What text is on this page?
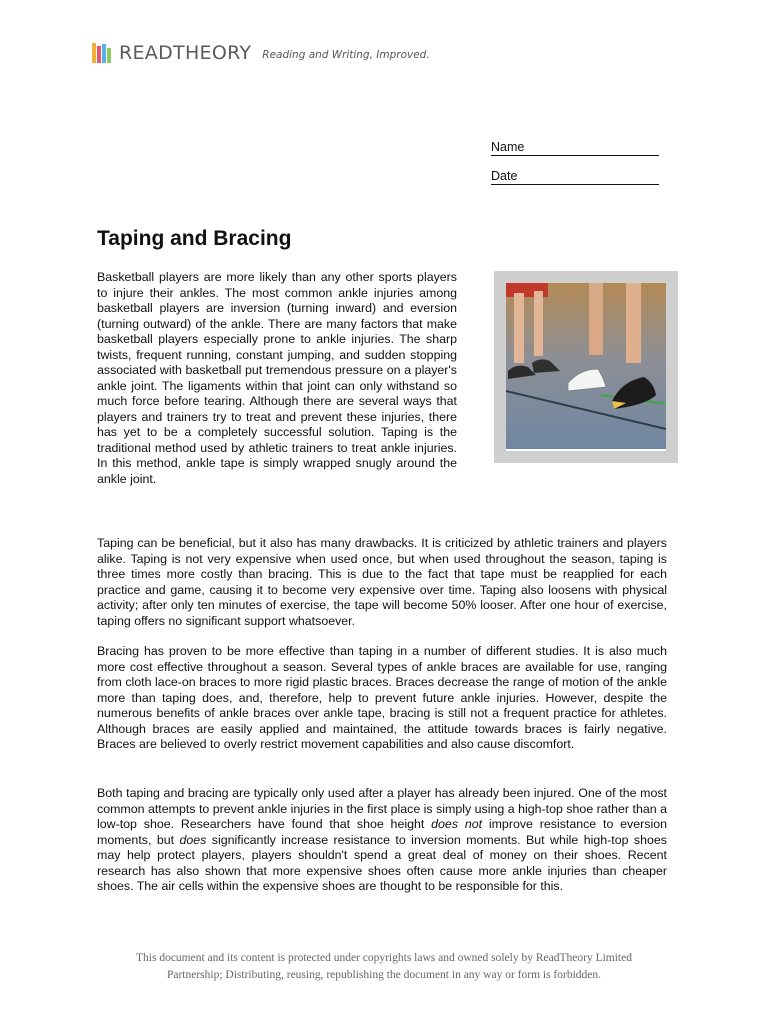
READTHEORY Reading and Writing, Improved.
Name
Date
Taping and Bracing

Basketball players are more likely than any other sports players to injure their ankles. The most common ankle injuries among basketball players are inversion (turning inward) and eversion (turning outward) of the ankle. There are many factors that make basketball players especially prone to ankle injuries. The sharp twists, frequent running, constant jumping, and sudden stopping associated with basketball put tremendous pressure on a player's ankle joint. The ligaments within that joint can only withstand so much force before tearing. Although there are several ways that players and trainers try to treat and prevent these injuries, there has yet to be a completely successful solution. Taping is the traditional method used by athletic trainers to treat ankle injuries. In this method, ankle tape is simply wrapped snugly around the ankle joint.

Taping can be beneficial, but it also has many drawbacks. It is criticized by athletic trainers and players alike. Taping is not very expensive when used once, but when used throughout the season, taping is three times more costly than bracing. This is due to the fact that tape must be reapplied for each practice and game, causing it to become very expensive over time. Taping also loosens with physical activity; after only ten minutes of exercise, the tape will become 50% looser. After one hour of exercise, taping offers no significant support whatsoever.

Bracing has proven to be more effective than taping in a number of different studies. It is also much more cost effective throughout a season. Several types of ankle braces are available for use, ranging from cloth lace-on braces to more rigid plastic braces. Braces decrease the range of motion of the ankle more than taping does, and, therefore, help to prevent future ankle injuries. However, despite the numerous benefits of ankle braces over ankle tape, bracing is still not a frequent practice for athletes. Although braces are easily applied and maintained, the attitude towards braces is fairly negative. Braces are believed to overly restrict movement capabilities and also cause discomfort.

Both taping and bracing are typically only used after a player has already been injured. One of the most common attempts to prevent ankle injuries in the first place is simply using a high-top shoe rather than a low-top shoe. Researchers have found that shoe height does not improve resistance to eversion moments, but does significantly increase resistance to inversion moments. But while high-top shoes may help protect players, players shouldn't spend a great deal of money on their shoes. Recent research has also shown that more expensive shoes often cause more ankle injuries than cheaper shoes. The air cells within the expensive shoes are thought to be responsible for this.

This document and its content is protected under copyrights laws and owned solely by ReadTheory Limited
Partnership; Distributing, reusing, republishing the document in any way or form is forbidden.
